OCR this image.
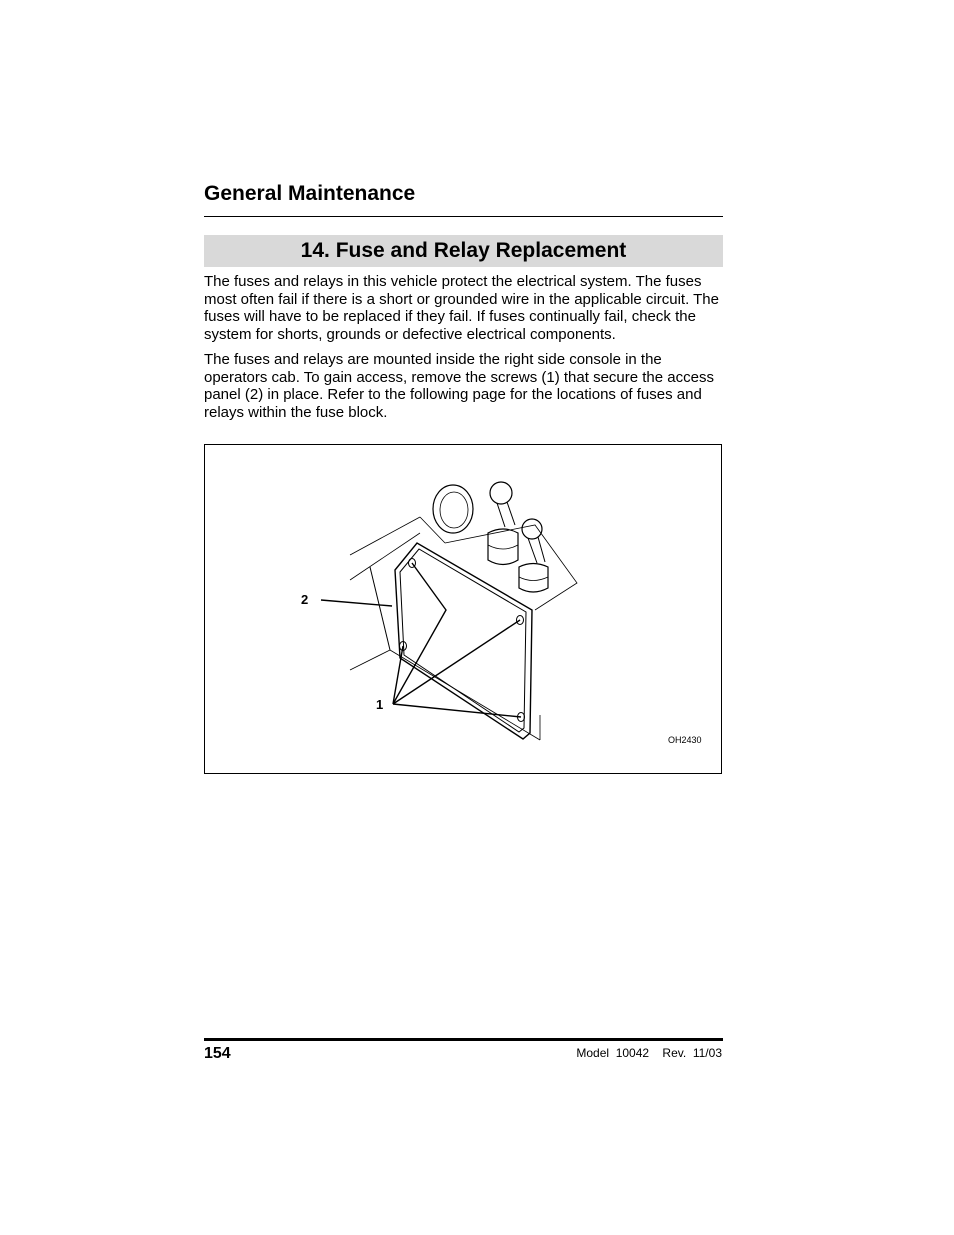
General Maintenance
14. Fuse and Relay Replacement

The fuses and relays in this vehicle protect the electrical system. The fuses most often fail if there is a short or grounded wire in the applicable circuit. The fuses will have to be replaced if they fail. If fuses continually fail, check the system for shorts, grounds or defective electrical components.

The fuses and relays are mounted inside the right side console in the operators cab. To gain access, remove the screws (1) that secure the access panel (2) in place. Refer to the following page for the locations of fuses and relays within the fuse block.

2
1
OH2430
154	Model  10042    Rev.  11/03
